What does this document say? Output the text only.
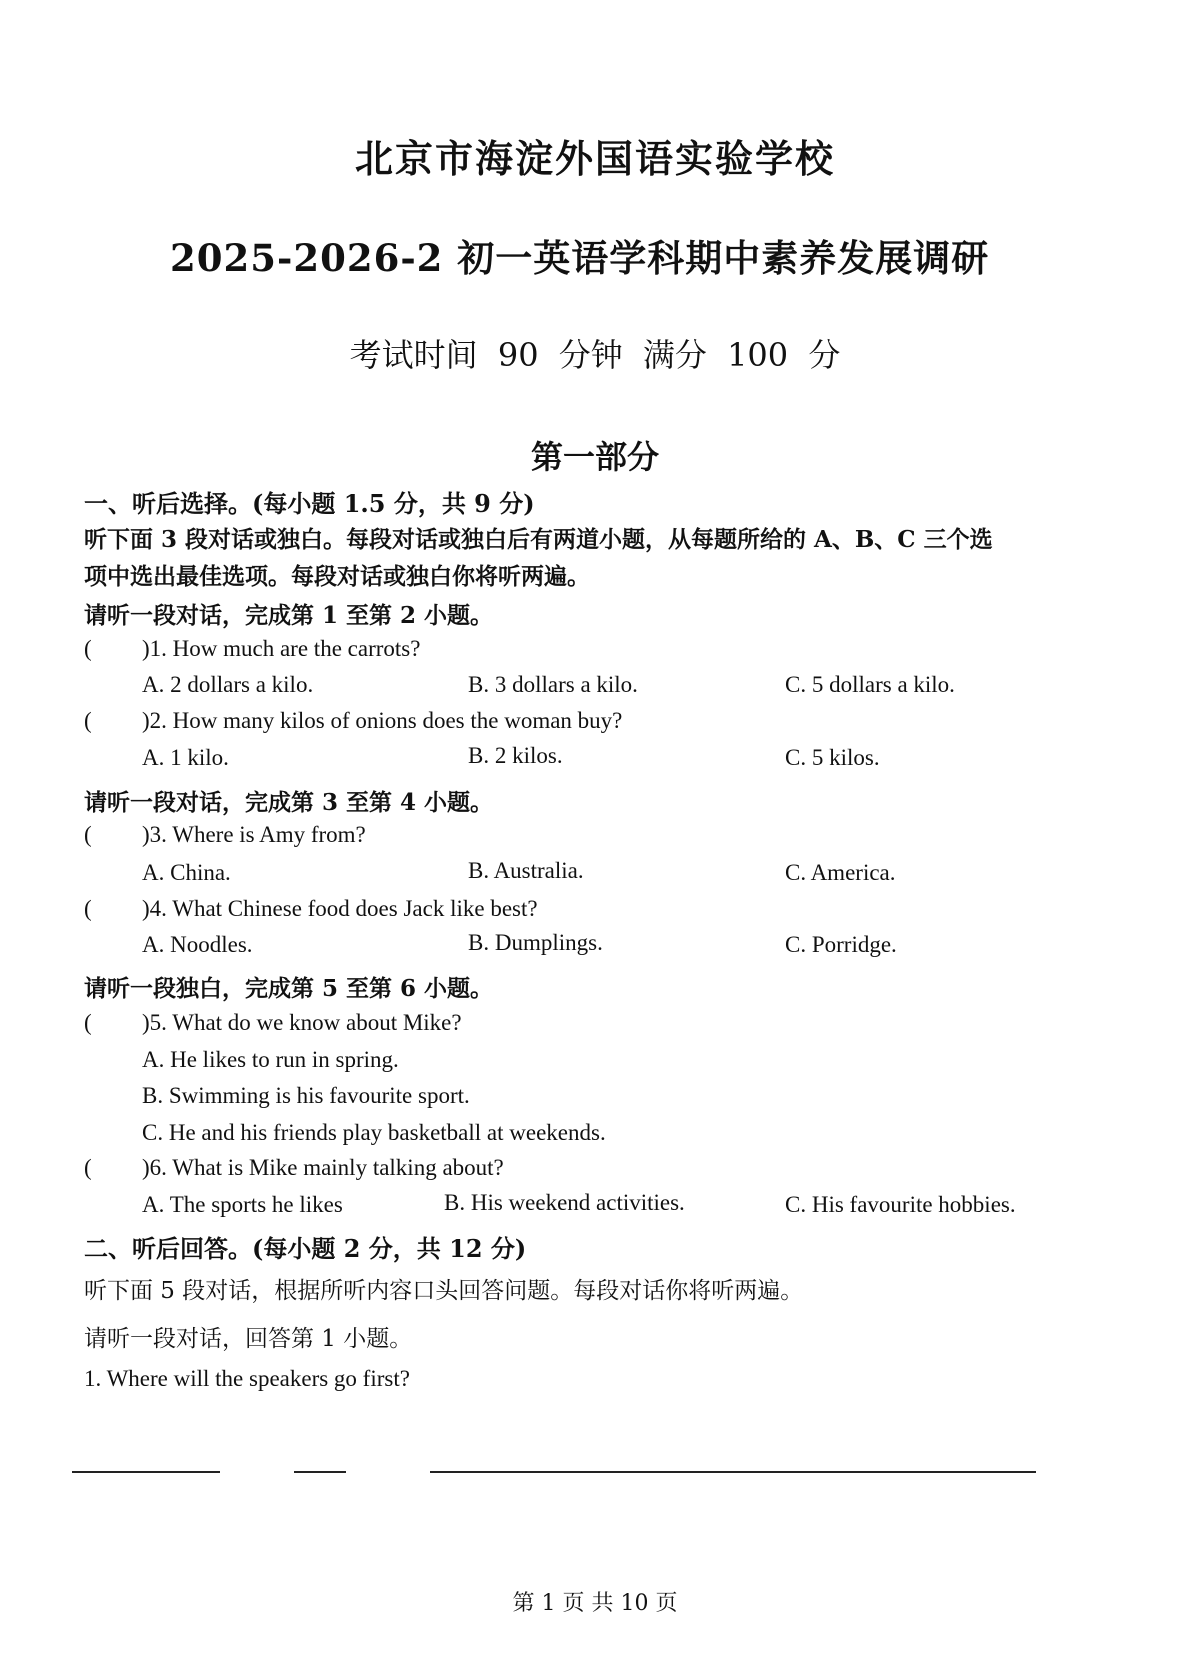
北京市海淀外国语实验学校
2025-2026-2 初一英语学科期中素养发展调研
考试时间 90 分钟 满分 100 分
第一部分
一、听后选择。(每小题 1.5 分，共 9 分)
听下面 3 段对话或独白。每段对话或独白后有两道小题，从每题所给的 A、B、C 三个选
项中选出最佳选项。每段对话或独白你将听两遍。
请听一段对话，完成第 1 至第 2 小题。
( )1. How much are the carrots?
A. 2 dollars a kilo.	B. 3 dollars a kilo.	C. 5 dollars a kilo.
( )2. How many kilos of onions does the woman buy?
A. 1 kilo.	B. 2 kilos.	C. 5 kilos.
请听一段对话，完成第 3 至第 4 小题。
( )3. Where is Amy from?
A. China.	B. Australia.	C. America.
( )4. What Chinese food does Jack like best?
A. Noodles.	B. Dumplings.	C. Porridge.
请听一段独白，完成第 5 至第 6 小题。
( )5. What do we know about Mike?
A. He likes to run in spring.
B. Swimming is his favourite sport.
C. He and his friends play basketball at weekends.
( )6. What is Mike mainly talking about?
A. The sports he likes	B. His weekend activities.	C. His favourite hobbies.
二、听后回答。(每小题 2 分，共 12 分)
听下面 5 段对话，根据所听内容口头回答问题。每段对话你将听两遍。
请听一段对话，回答第 1 小题。
1. Where will the speakers go first?
第 1 页 共 10 页
